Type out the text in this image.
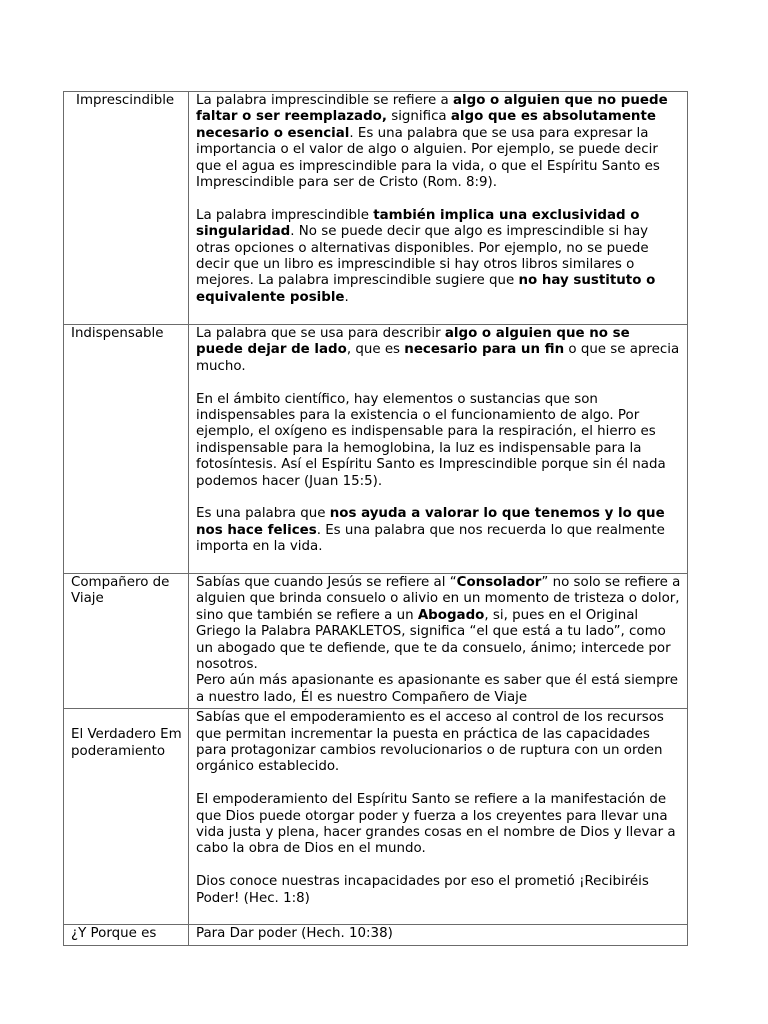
Imprescindible	La palabra imprescindible se refiere a algo o alguien que no puede faltar o ser reemplazado, significa algo que es absolutamente necesario o esencial. Es una palabra que se usa para expresar la importancia o el valor de algo o alguien. Por ejemplo, se puede decir que el agua es imprescindible para la vida, o que el Espíritu Santo es Imprescindible para ser de Cristo (Rom. 8:9).
La palabra imprescindible también implica una exclusividad o singularidad. No se puede decir que algo es imprescindible si hay otras opciones o alternativas disponibles. Por ejemplo, no se puede decir que un libro es imprescindible si hay otros libros similares o mejores. La palabra imprescindible sugiere que no hay sustituto o equivalente posible.

Indispensable	La palabra que se usa para describir algo o alguien que no se puede dejar de lado, que es necesario para un fin o que se aprecia mucho.
En el ámbito científico, hay elementos o sustancias que son indispensables para la existencia o el funcionamiento de algo. Por ejemplo, el oxígeno es indispensable para la respiración, el hierro es indispensable para la hemoglobina, la luz es indispensable para la fotosíntesis. Así el Espíritu Santo es Imprescindible porque sin él nada podemos hacer (Juan 15:5).
Es una palabra que nos ayuda a valorar lo que tenemos y lo que nos hace felices. Es una palabra que nos recuerda lo que realmente importa en la vida.

Compañero de Viaje	Sabías que cuando Jesús se refiere al “Consolador” no solo se refiere a alguien que brinda consuelo o alivio en un momento de tristeza o dolor, sino que también se refiere a un Abogado, si, pues en el Original Griego la Palabra PARAKLETOS, significa “el que está a tu lado”, como un abogado que te defiende, que te da consuelo, ánimo; intercede por nosotros.
Pero aún más apasionante es apasionante es saber que él está siempre a nuestro lado, Él es nuestro Compañero de Viaje

El Verdadero Empoderamiento	Sabías que el empoderamiento es el acceso al control de los recursos que permitan incrementar la puesta en práctica de las capacidades para protagonizar cambios revolucionarios o de ruptura con un orden orgánico establecido.
El empoderamiento del Espíritu Santo se refiere a la manifestación de que Dios puede otorgar poder y fuerza a los creyentes para llevar una vida justa y plena, hacer grandes cosas en el nombre de Dios y llevar a cabo la obra de Dios en el mundo.
Dios conoce nuestras incapacidades por eso el prometió ¡Recibiréis Poder! (Hec. 1:8)

¿Y Porque es	Para Dar poder (Hech. 10:38)
